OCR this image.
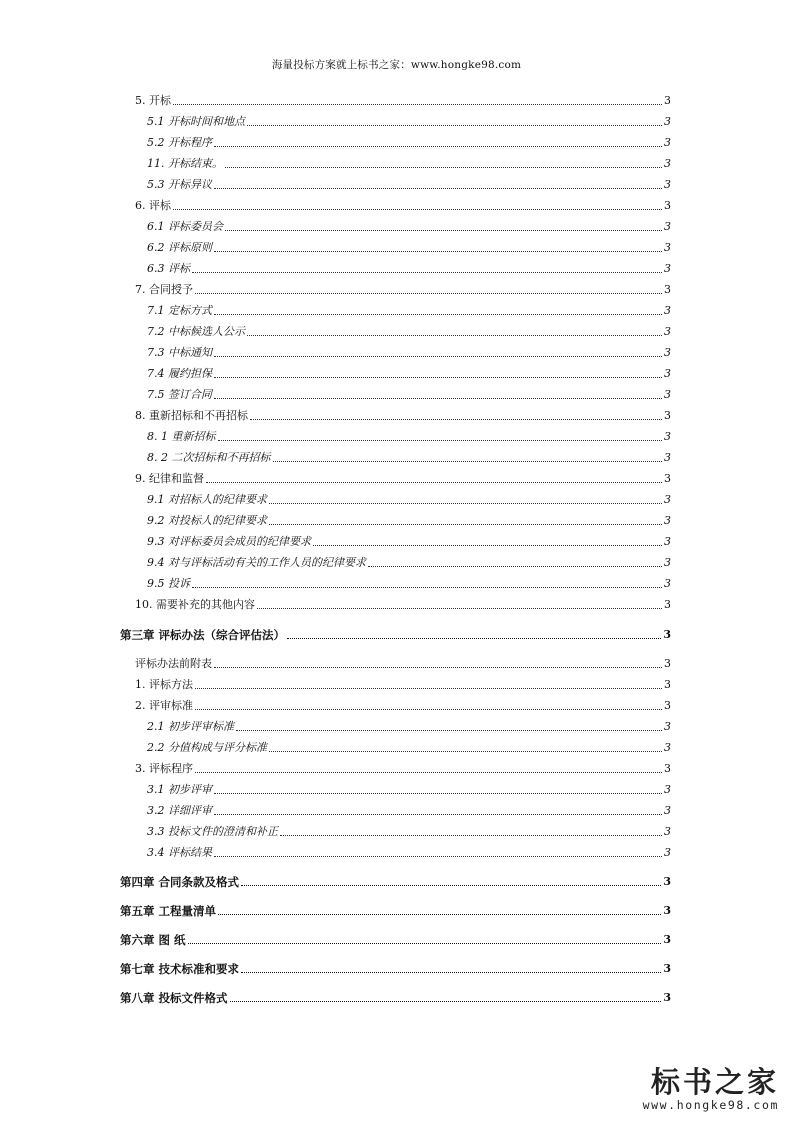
海量投标方案就上标书之家：www.hongke98.com
5. 开标	3
5.1 开标时间和地点	3
5.2 开标程序	3
11. 开标结束。	3
5.3 开标异议	3
6. 评标	3
6.1 评标委员会	3
6.2 评标原则	3
6.3 评标	3
7. 合同授予	3
7.1 定标方式	3
7.2 中标候选人公示	3
7.3 中标通知	3
7.4 履约担保	3
7.5 签订合同	3
8. 重新招标和不再招标	3
8. 1 重新招标	3
8. 2 二次招标和不再招标	3
9. 纪律和监督	3
9.1 对招标人的纪律要求	3
9.2 对投标人的纪律要求	3
9.3 对评标委员会成员的纪律要求	3
9.4 对与评标活动有关的工作人员的纪律要求	3
9.5 投诉	3
10. 需要补充的其他内容	3
第三章 评标办法（综合评估法）	3
评标办法前附表	3
1. 评标方法	3
2. 评审标准	3
2.1 初步评审标准	3
2.2 分值构成与评分标准	3
3. 评标程序	3
3.1 初步评审	3
3.2 详细评审	3
3.3 投标文件的澄清和补正	3
3.4 评标结果	3
第四章 合同条款及格式	3
第五章 工程量清单	3
第六章 图 纸	3
第七章 技术标准和要求	3
第八章 投标文件格式	3
标书之家
www.hongke98.com
